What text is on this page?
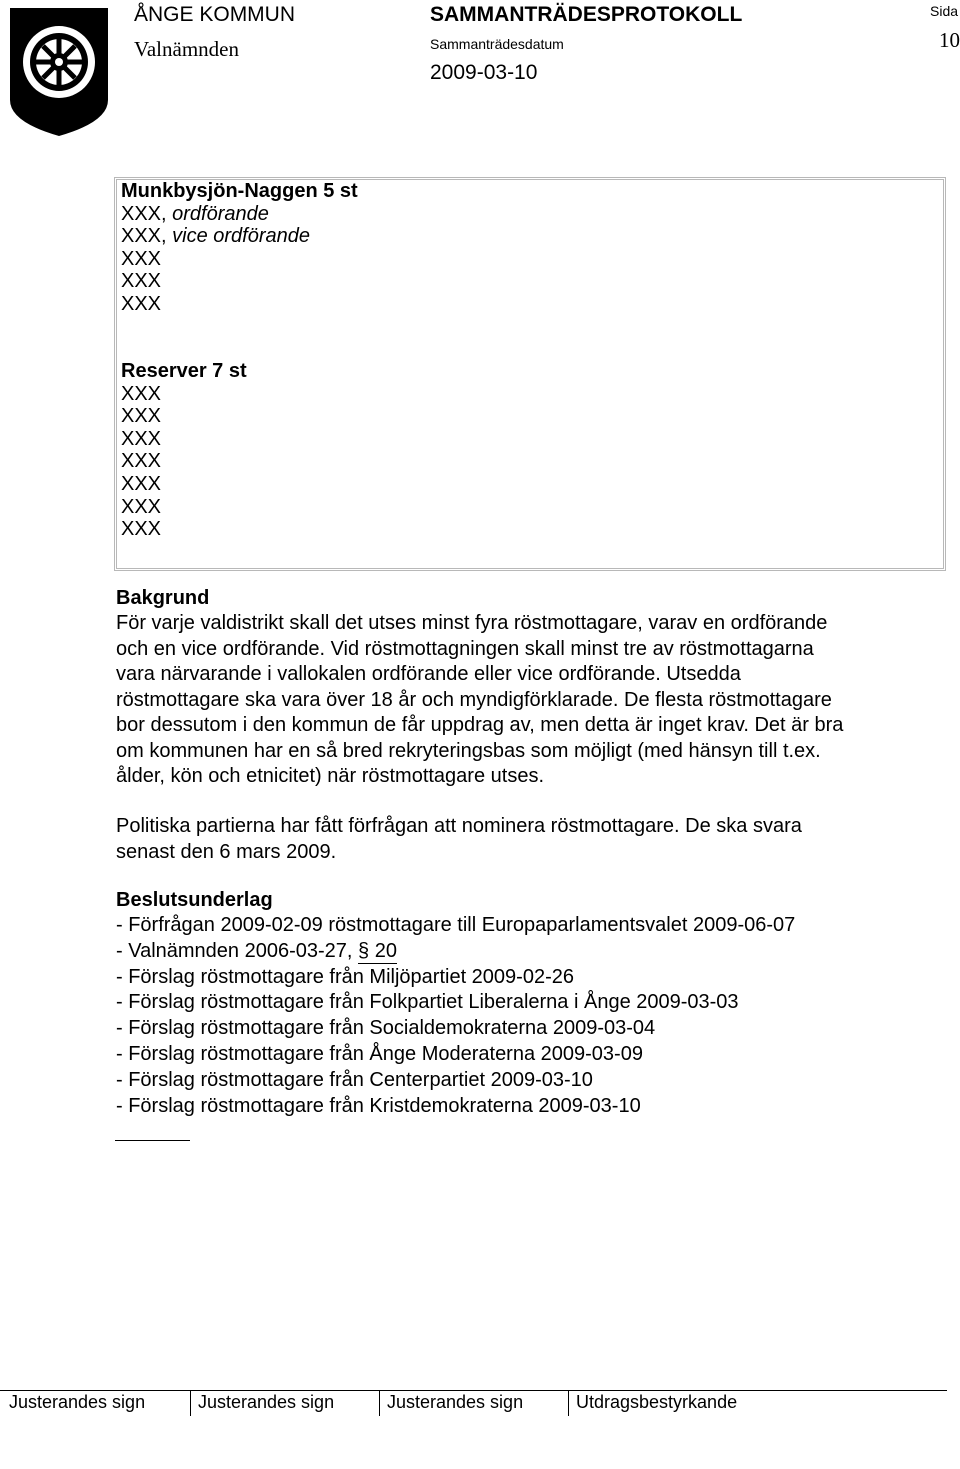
ÅNGE KOMMUN
Valnämnden
SAMMANTRÄDESPROTOKOLL
Sammanträdesdatum
2009-03-10
Sida
10
Munkbysjön-Naggen 5 st
XXX, ordförande
XXX, vice ordförande
XXX
XXX
XXX
Reserver 7 st
XXX
XXX
XXX
XXX
XXX
XXX
XXX
Bakgrund
För varje valdistrikt skall det utses minst fyra röstmottagare, varav en ordförande
och en vice ordförande. Vid röstmottagningen skall minst tre av röstmottagarna
vara närvarande i vallokalen ordförande eller vice ordförande. Utsedda
röstmottagare ska vara över 18 år och myndigförklarade. De flesta röstmottagare
bor dessutom i den kommun de får uppdrag av, men detta är inget krav. Det är bra
om kommunen har en så bred rekryteringsbas som möjligt (med hänsyn till t.ex.
ålder, kön och etnicitet) när röstmottagare utses.
Politiska partierna har fått förfrågan att nominera röstmottagare. De ska svara
senast den 6 mars 2009.
Beslutsunderlag
- Förfrågan 2009-02-09 röstmottagare till Europaparlamentsvalet 2009-06-07
- Valnämnden 2006-03-27, § 20
- Förslag röstmottagare från Miljöpartiet 2009-02-26
- Förslag röstmottagare från Folkpartiet Liberalerna i Ånge 2009-03-03
- Förslag röstmottagare från Socialdemokraterna 2009-03-04
- Förslag röstmottagare från Ånge Moderaterna 2009-03-09
- Förslag röstmottagare från Centerpartiet 2009-03-10
- Förslag röstmottagare från Kristdemokraterna 2009-03-10
Justerandes sign	Justerandes sign	Justerandes sign	Utdragsbestyrkande
